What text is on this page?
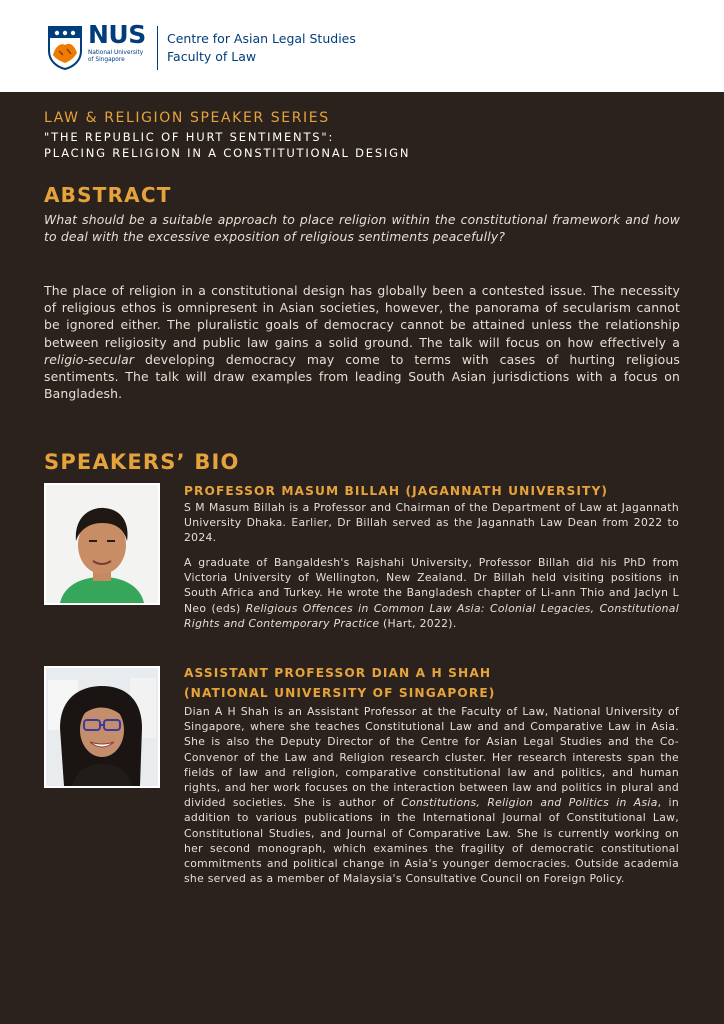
NUS
National University
of Singapore
Centre for Asian Legal Studies
Faculty of Law
LAW & RELIGION SPEAKER SERIES
"THE REPUBLIC OF HURT SENTIMENTS":
PLACING RELIGION IN A CONSTITUTIONAL DESIGN
ABSTRACT
What should be a suitable approach to place religion within the constitutional framework and how to deal with the excessive exposition of religious sentiments peacefully?
The place of religion in a constitutional design has globally been a contested issue. The necessity of religious ethos is omnipresent in Asian societies, however, the panorama of secularism cannot be ignored either. The pluralistic goals of democracy cannot be attained unless the relationship between religiosity and public law gains a solid ground. The talk will focus on how effectively a religio-secular developing democracy may come to terms with cases of hurting religious sentiments. The talk will draw examples from leading South Asian jurisdictions with a focus on Bangladesh.
SPEAKERS’ BIO
PROFESSOR MASUM BILLAH (JAGANNATH UNIVERSITY)
S M Masum Billah is a Professor and Chairman of the Department of Law at Jagannath University Dhaka. Earlier, Dr Billah served as the Jagannath Law Dean from 2022 to 2024.
A graduate of Bangaldesh's Rajshahi University, Professor Billah did his PhD from Victoria University of Wellington, New Zealand. Dr Billah held visiting positions in South Africa and Turkey. He wrote the Bangladesh chapter of Li-ann Thio and Jaclyn L Neo (eds) Religious Offences in Common Law Asia: Colonial Legacies, Constitutional Rights and Contemporary Practice (Hart, 2022).
ASSISTANT PROFESSOR DIAN A H SHAH
(NATIONAL UNIVERSITY OF SINGAPORE)
Dian A H Shah is an Assistant Professor at the Faculty of Law, National University of Singapore, where she teaches Constitutional Law and and Comparative Law in Asia. She is also the Deputy Director of the Centre for Asian Legal Studies and the Co-Convenor of the Law and Religion research cluster. Her research interests span the fields of law and religion, comparative constitutional law and politics, and human rights, and her work focuses on the interaction between law and politics in plural and divided societies. She is author of Constitutions, Religion and Politics in Asia, in addition to various publications in the International Journal of Constitutional Law, Constitutional Studies, and Journal of Comparative Law. She is currently working on her second monograph, which examines the fragility of democratic constitutional commitments and political change in Asia's younger democracies. Outside academia she served as a member of Malaysia's Consultative Council on Foreign Policy.
